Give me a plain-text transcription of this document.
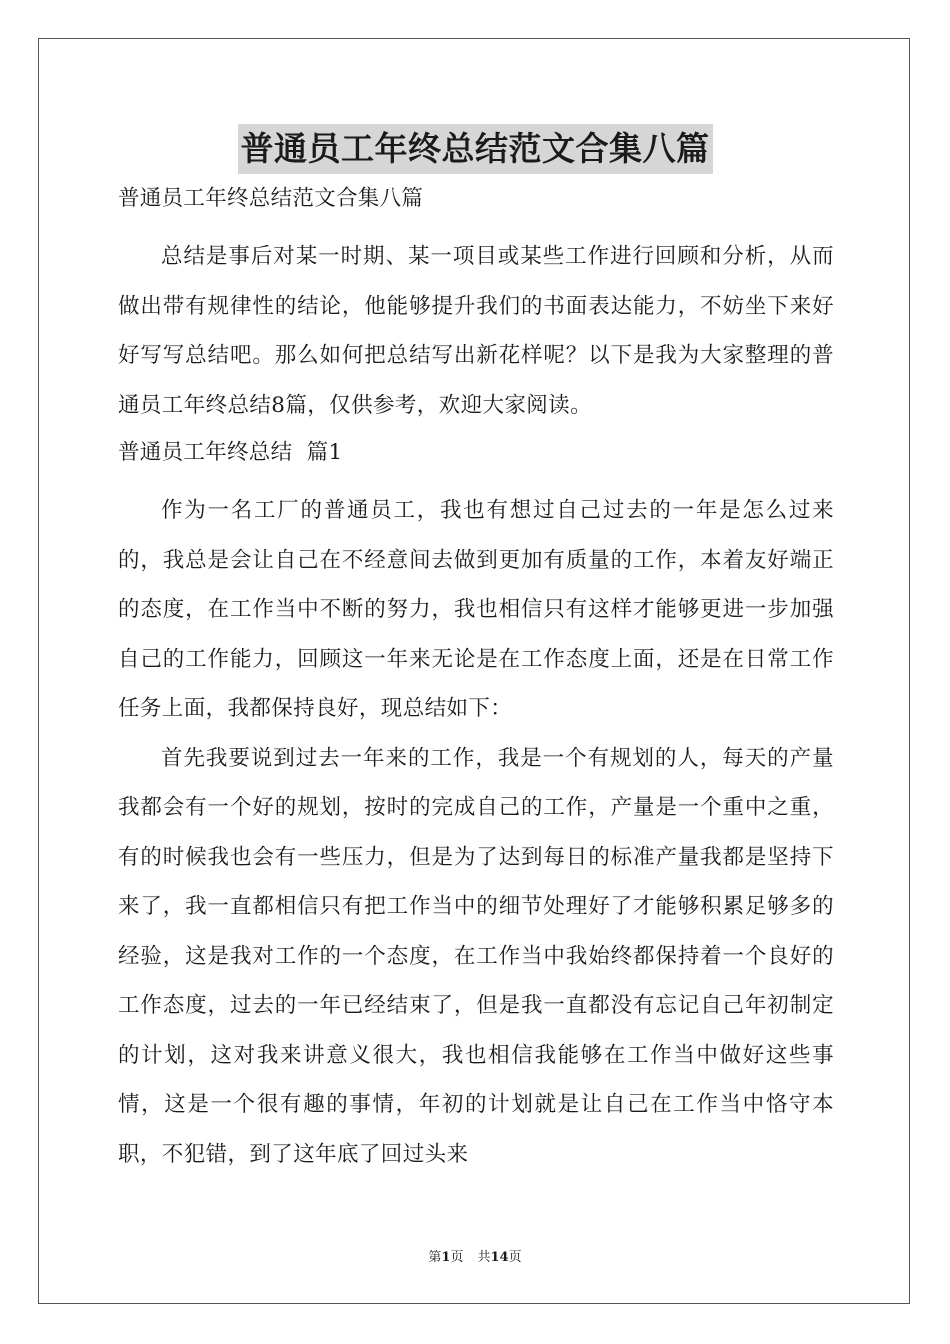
普通员工年终总结范文合集八篇

普通员工年终总结范文合集八篇

总结是事后对某一时期、某一项目或某些工作进行回顾和分析，从而做出带有规律性的结论，他能够提升我们的书面表达能力，不妨坐下来好好写写总结吧。那么如何把总结写出新花样呢？以下是我为大家整理的普通员工年终总结8篇，仅供参考，欢迎大家阅读。

普通员工年终总结  篇1

作为一名工厂的普通员工，我也有想过自己过去的一年是怎么过来的，我总是会让自己在不经意间去做到更加有质量的工作，本着友好端正的态度，在工作当中不断的努力，我也相信只有这样才能够更进一步加强自己的工作能力，回顾这一年来无论是在工作态度上面，还是在日常工作任务上面，我都保持良好，现总结如下：

首先我要说到过去一年来的工作，我是一个有规划的人，每天的产量我都会有一个好的规划，按时的完成自己的工作，产量是一个重中之重，有的时候我也会有一些压力，但是为了达到每日的标准产量我都是坚持下来了，我一直都相信只有把工作当中的细节处理好了才能够积累足够多的经验，这是我对工作的一个态度，在工作当中我始终都保持着一个良好的工作态度，过去的一年已经结束了，但是我一直都没有忘记自己年初制定的计划，这对我来讲意义很大，我也相信我能够在工作当中做好这些事情，这是一个很有趣的事情，年初的计划就是让自己在工作当中恪守本职，不犯错，到了这年底了回过头来

第1页 共14页
